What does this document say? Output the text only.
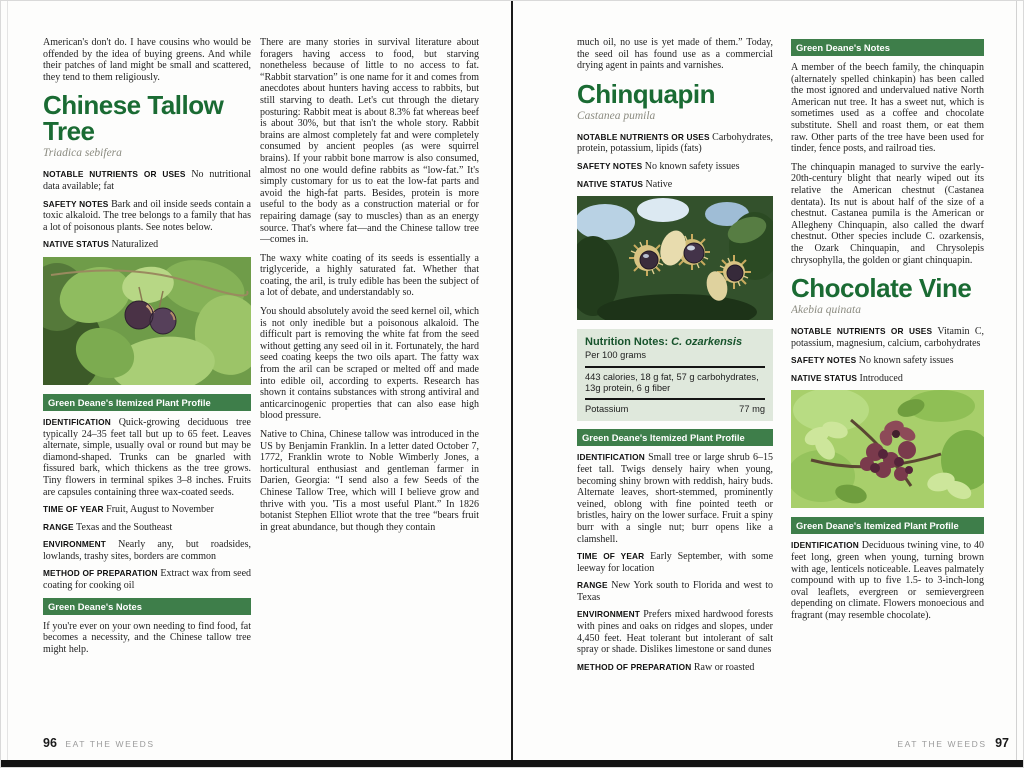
American's don't do. I have cousins who would be offended by the idea of buying greens. And while their patches of land might be small and scattered, they tend to them religiously.

Chinese Tallow Tree

Triadica sebifera

NOTABLE NUTRIENTS OR USES No nutritional data available; fat

SAFETY NOTES Bark and oil inside seeds contain a toxic alkaloid. The tree belongs to a family that has a lot of poisonous plants. See notes below.

NATIVE STATUS Naturalized

Green Deane's Itemized Plant Profile

IDENTIFICATION Quick-growing deciduous tree typically 24–35 feet tall but up to 65 feet. Leaves alternate, simple, usually oval or round but may be diamond-shaped. Trunks can be gnarled with fissured bark, which thickens as the tree grows. Tiny flowers in terminal spikes 3–8 inches. Fruits are capsules containing three wax-coated seeds.

TIME OF YEAR Fruit, August to November

RANGE Texas and the Southeast

ENVIRONMENT Nearly any, but roadsides, lowlands, trashy sites, borders are common

METHOD OF PREPARATION Extract wax from seed coating for cooking oil

Green Deane's Notes

If you're ever on your own needing to find food, fat becomes a necessity, and the Chinese tallow tree might help.

There are many stories in survival literature about foragers having access to food, but starving nonetheless because of little to no access to fat. “Rabbit starvation” is one name for it and comes from anecdotes about hunters having access to rabbits, but still starving to death. Let's cut through the dietary posturing: Rabbit meat is about 8.3% fat whereas beef is about 30%, but that isn't the whole story. Rabbit brains are almost completely fat and were completely consumed by ancient peoples (as were squirrel brains). If your rabbit bone marrow is also consumed, almost no one would define rabbits as “low-fat.” It's simply customary for us to eat the low-fat parts and avoid the high-fat parts. Besides, protein is more useful to the body as a construction material or for repairing damage (say to muscles) than as an energy source. That's where fat—and the Chinese tallow tree—comes in.

The waxy white coating of its seeds is essentially a triglyceride, a highly saturated fat. Whether that coating, the aril, is truly edible has been the subject of a lot of debate, and understandably so.

You should absolutely avoid the seed kernel oil, which is not only inedible but a poisonous alkaloid. The difficult part is removing the white fat from the seed without getting any seed oil in it. Fortunately, the hard seed coating keeps the two oils apart. The fatty wax from the aril can be scraped or melted off and made into edible oil, according to experts. Research has shown it contains substances with strong antiviral and anticarcinogenic properties that can also ease high blood pressure.

Native to China, Chinese tallow was introduced in the US by Benjamin Franklin. In a letter dated October 7, 1772, Franklin wrote to Noble Wimberly Jones, a horticultural enthusiast and gentleman farmer in Darien, Georgia: “I send also a few Seeds of the Chinese Tallow Tree, which will I believe grow and thrive with you. 'Tis a most useful Plant.” In 1826 botanist Stephen Elliot wrote that the tree “bears fruit in great abundance, but though they contain

much oil, no use is yet made of them.” Today, the seed oil has found use as a commercial drying agent in paints and varnishes.

Chinquapin

Castanea pumila

NOTABLE NUTRIENTS OR USES Carbohydrates, protein, potassium, lipids (fats)

SAFETY NOTES No known safety issues

NATIVE STATUS Native

Nutrition Notes: C. ozarkensis
Per 100 grams
443 calories, 18 g fat, 57 g carbohydrates, 13g protein, 6 g fiber
Potassium	77 mg
Green Deane's Itemized Plant Profile

IDENTIFICATION Small tree or large shrub 6–15 feet tall. Twigs densely hairy when young, becoming shiny brown with reddish, hairy buds. Alternate leaves, short-stemmed, prominently veined, oblong with fine pointed teeth or bristles, hairy on the lower surface. Fruit a spiny burr with a single nut; burr opens like a clamshell.

TIME OF YEAR Early September, with some leeway for location

RANGE New York south to Florida and west to Texas

ENVIRONMENT Prefers mixed hardwood forests with pines and oaks on ridges and slopes, under 4,450 feet. Heat tolerant but intolerant of salt spray or shade. Dislikes limestone or sand dunes

METHOD OF PREPARATION Raw or roasted

Green Deane's Notes

A member of the beech family, the chinquapin (alternately spelled chinkapin) has been called the most ignored and undervalued native North American nut tree. It has a sweet nut, which is sometimes used as a coffee and chocolate substitute. Shell and roast them, or eat them raw. Other parts of the tree have been used for tinder, fence posts, and railroad ties.

The chinquapin managed to survive the early-20th-century blight that nearly wiped out its relative the American chestnut (Castanea dentata). Its nut is about half of the size of a chestnut. Castanea pumila is the American or Allegheny Chinquapin, also called the dwarf chestnut. Other species include C. ozarkensis, the Ozark Chinquapin, and Chrysolepis chrysophylla, the golden or giant chinquapin.

Chocolate Vine

Akebia quinata

NOTABLE NUTRIENTS OR USES Vitamin C, potassium, magnesium, calcium, carbohydrates

SAFETY NOTES No known safety issues

NATIVE STATUS Introduced

Green Deane's Itemized Plant Profile

IDENTIFICATION Deciduous twining vine, to 40 feet long, green when young, turning brown with age, lenticels noticeable. Leaves palmately compound with up to five 1.5- to 3-inch-long oval leaflets, evergreen or semievergreen depending on climate. Flowers monoecious and fragrant (may resemble chocolate).

96 EAT THE WEEDS	EAT THE WEEDS 97
